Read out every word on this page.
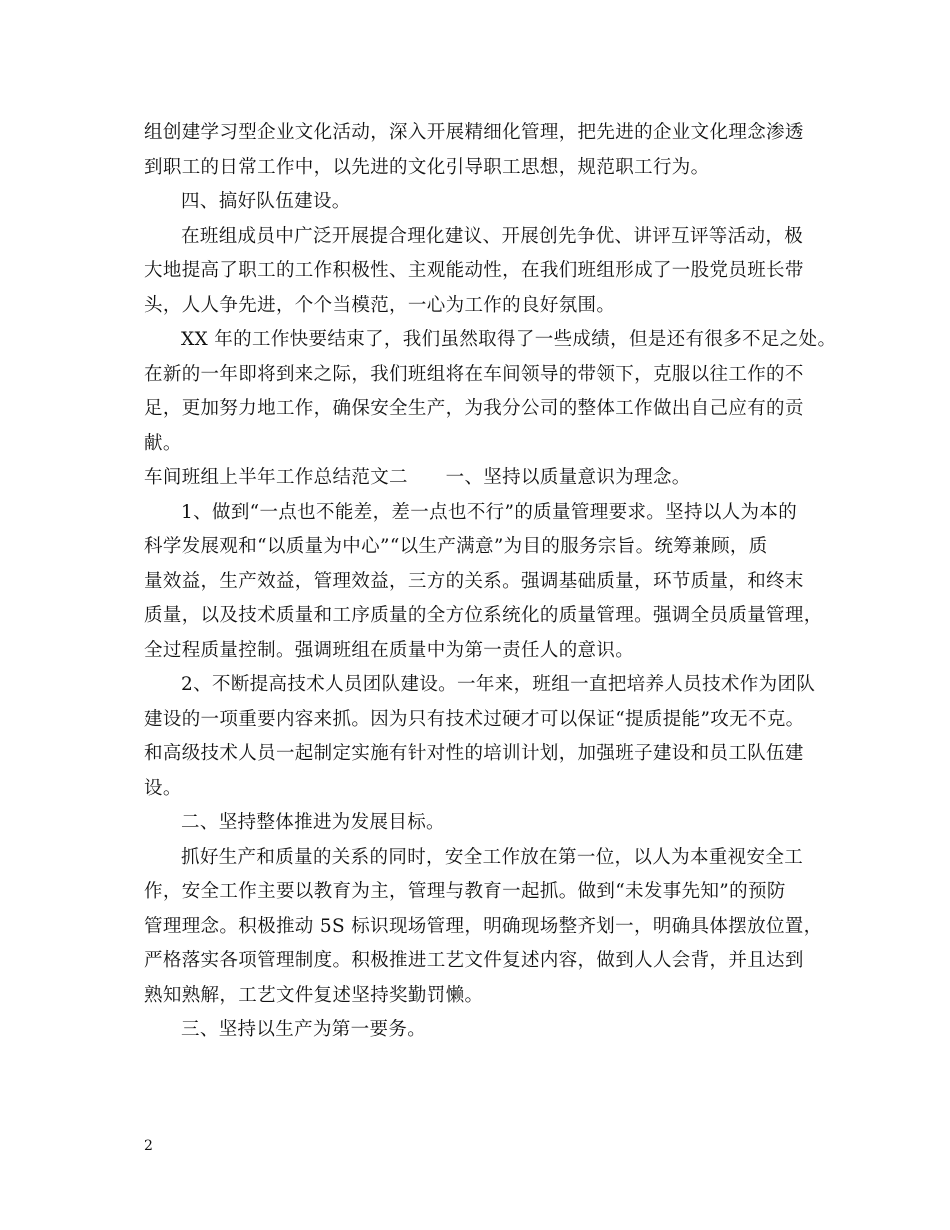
组创建学习型企业文化活动，深入开展精细化管理，把先进的企业文化理念渗透
到职工的日常工作中，以先进的文化引导职工思想，规范职工行为。
四、搞好队伍建设。
在班组成员中广泛开展提合理化建议、开展创先争优、讲评互评等活动，极
大地提高了职工的工作积极性、主观能动性，在我们班组形成了一股党员班长带
头，人人争先进，个个当模范，一心为工作的良好氛围。
XX 年的工作快要结束了，我们虽然取得了一些成绩，但是还有很多不足之处。
在新的一年即将到来之际，我们班组将在车间领导的带领下，克服以往工作的不
足，更加努力地工作，确保安全生产，为我分公司的整体工作做出自己应有的贡
献。
车间班组上半年工作总结范文二　　一、坚持以质量意识为理念。
1、做到“一点也不能差，差一点也不行”的质量管理要求。坚持以人为本的
科学发展观和“以质量为中心”“以生产满意”为目的服务宗旨。统筹兼顾，质
量效益，生产效益，管理效益，三方的关系。强调基础质量，环节质量，和终末
质量，以及技术质量和工序质量的全方位系统化的质量管理。强调全员质量管理，
全过程质量控制。强调班组在质量中为第一责任人的意识。
2、不断提高技术人员团队建设。一年来，班组一直把培养人员技术作为团队
建设的一项重要内容来抓。因为只有技术过硬才可以保证“提质提能”攻无不克。
和高级技术人员一起制定实施有针对性的培训计划，加强班子建设和员工队伍建
设。
二、坚持整体推进为发展目标。
抓好生产和质量的关系的同时，安全工作放在第一位，以人为本重视安全工
作，安全工作主要以教育为主，管理与教育一起抓。做到“未发事先知”的预防
管理理念。积极推动 5S 标识现场管理，明确现场整齐划一，明确具体摆放位置，
严格落实各项管理制度。积极推进工艺文件复述内容，做到人人会背，并且达到
熟知熟解，工艺文件复述坚持奖勤罚懒。
三、坚持以生产为第一要务。
2
